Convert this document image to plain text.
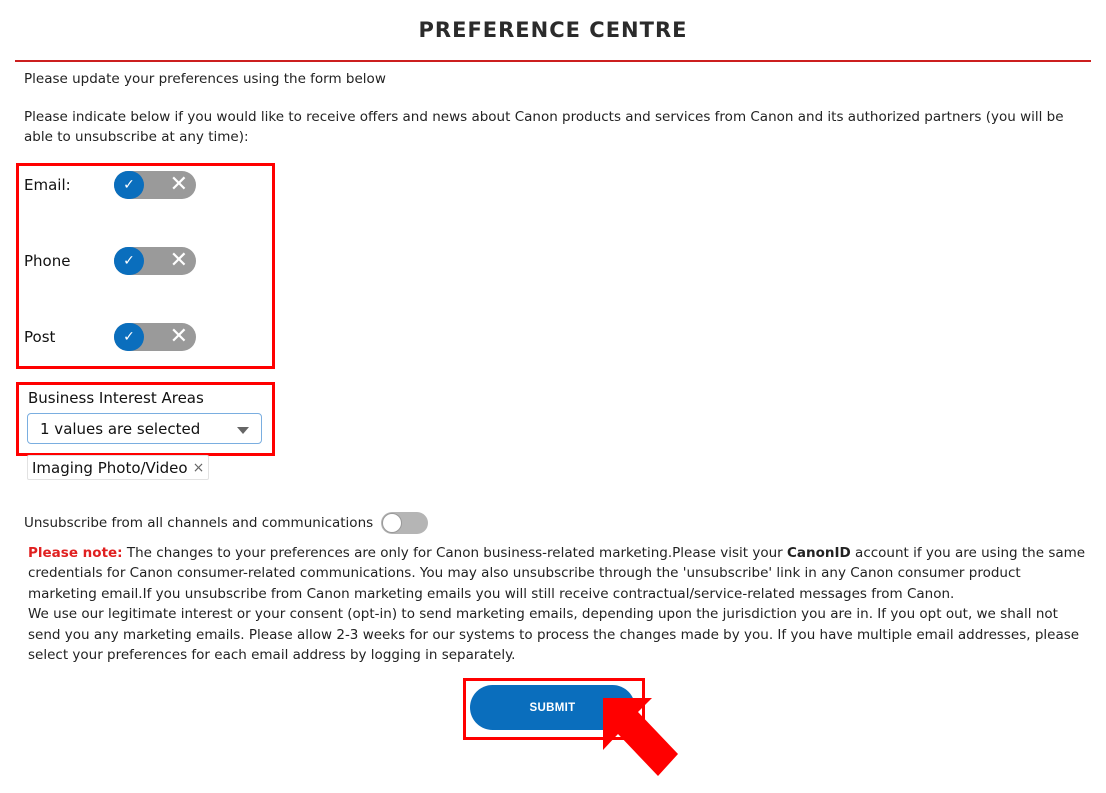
PREFERENCE CENTRE
Please update your preferences using the form below
Please indicate below if you would like to receive offers and news about Canon products and services from Canon and its authorized partners (you will be able to unsubscribe at any time):
Email:	✓	✕
Phone	✓	✕
Post	✓	✕
Business Interest Areas
1 values are selected
Imaging Photo/Video ×
Unsubscribe from all channels and communications
Please note: The changes to your preferences are only for Canon business-related marketing.Please visit your CanonID account if you are using the same credentials for Canon consumer-related communications. You may also unsubscribe through the 'unsubscribe' link in any Canon consumer product marketing email.If you unsubscribe from Canon marketing emails you will still receive contractual/service-related messages from Canon.
We use our legitimate interest or your consent (opt-in) to send marketing emails, depending upon the jurisdiction you are in. If you opt out, we shall not send you any marketing emails. Please allow 2-3 weeks for our systems to process the changes made by you. If you have multiple email addresses, please select your preferences for each email address by logging in separately.
SUBMIT
